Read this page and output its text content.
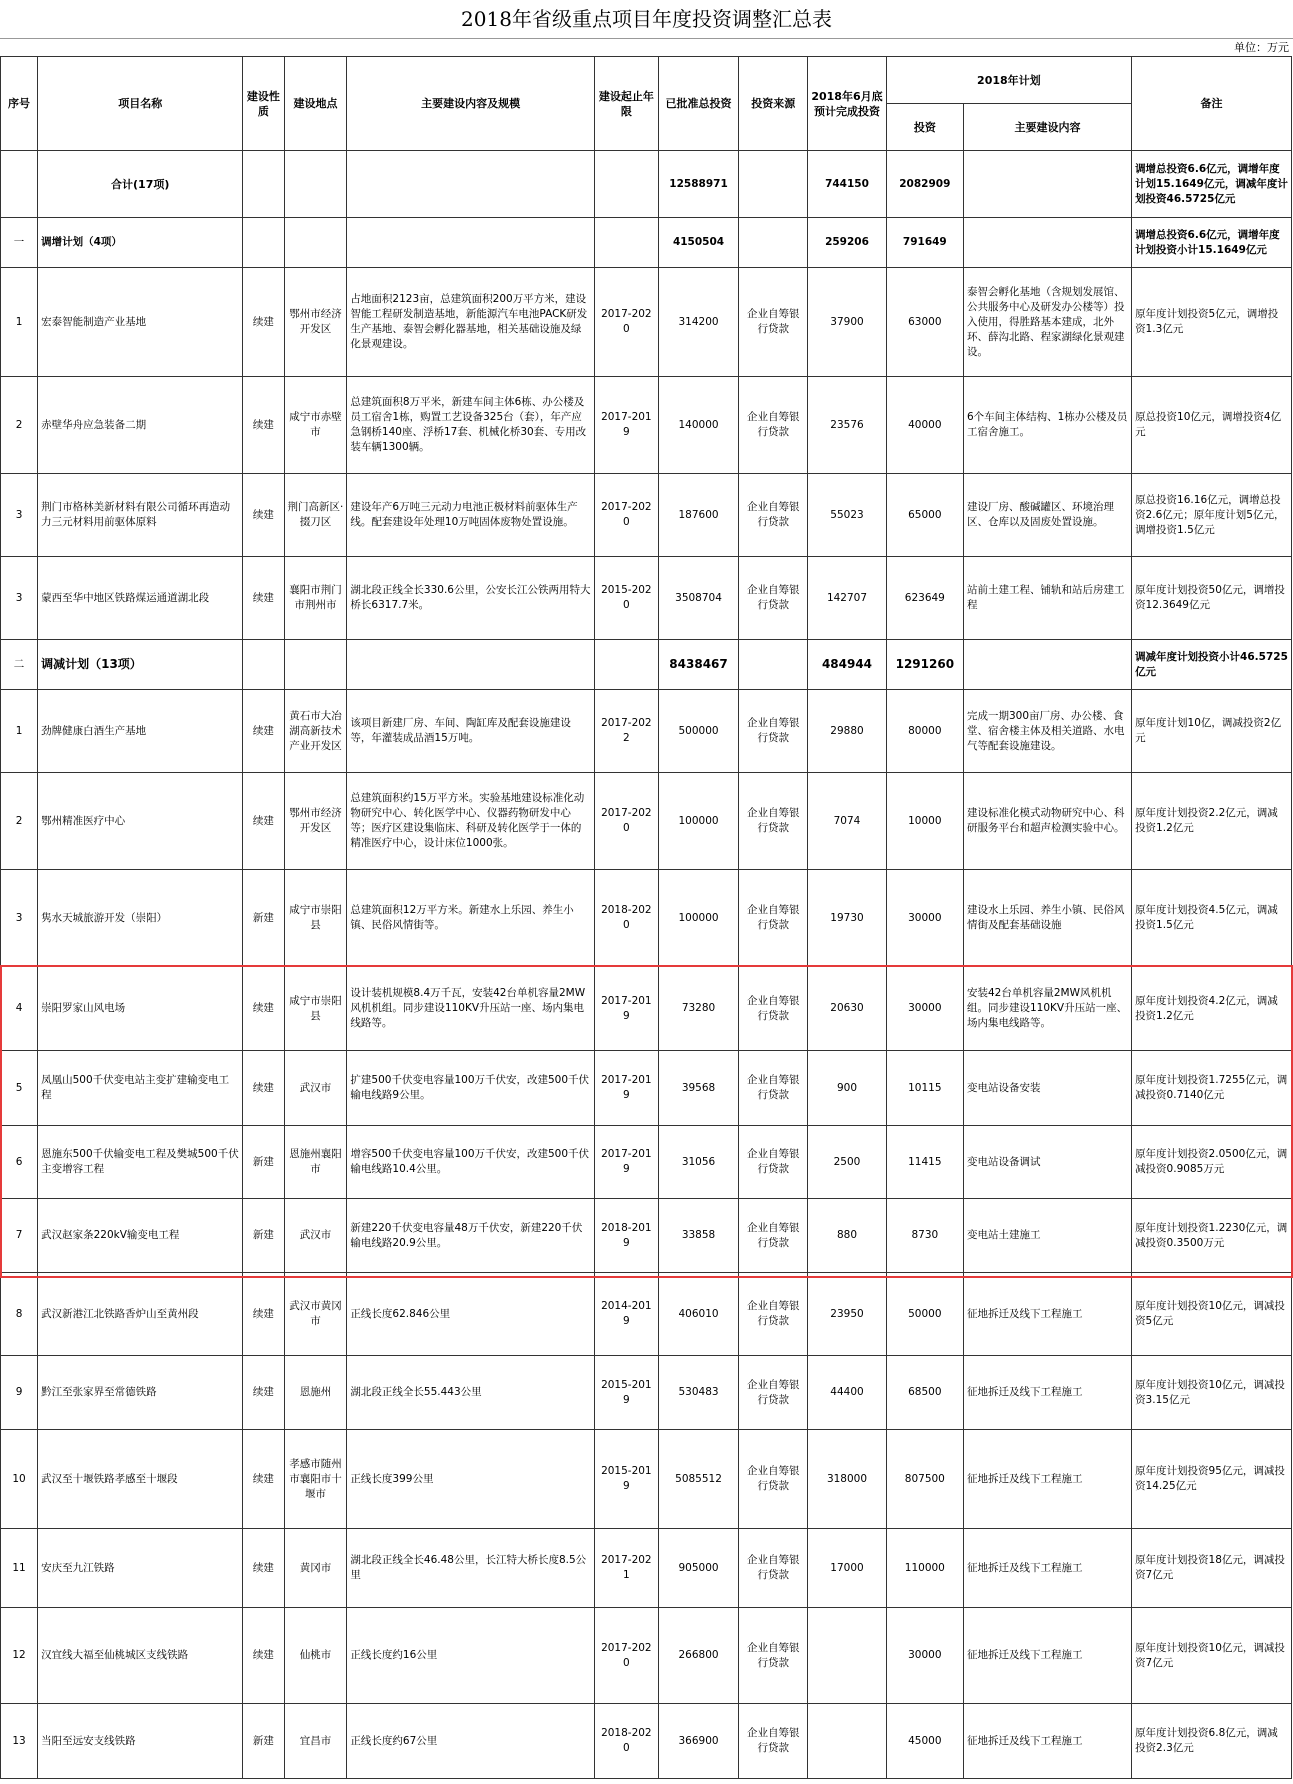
2018年省级重点项目年度投资调整汇总表
单位：万元
序号	项目名称	建设性质	建设地点	主要建设内容及规模	建设起止年限	已批准总投资	投资来源	2018年6月底预计完成投资	2018年计划		备注
									投资	主要建设内容	
	合计(17项)					12588971		744150	2082909		调增总投资6.6亿元，调增年度计划15.1649亿元，调减年度计划投资46.5725亿元
一	调增计划（4项）					4150504		259206	791649		调增总投资6.6亿元，调增年度计划投资小计15.1649亿元
1	宏泰智能制造产业基地	续建	鄂州市经济开发区	占地面积2123亩，总建筑面积200万平方米，建设智能工程研发制造基地，新能源汽车电池PACK研发生产基地、泰智会孵化器基地，相关基础设施及绿化景观建设。	2017-2020	314200	企业自筹银行贷款	37900	63000	泰智会孵化基地（含规划发展馆、公共服务中心及研发办公楼等）投入使用，得胜路基本建成，北外环、薛沟北路、程家湖绿化景观建设。	原年度计划投资5亿元，调增投资1.3亿元
2	赤壁华舟应急装备二期	续建	咸宁市赤壁市	总建筑面积8万平米，新建车间主体6栋、办公楼及员工宿舍1栋，购置工艺设备325台（套），年产应急钢桥140座、浮桥17套、机械化桥30套、专用改装车辆1300辆。	2017-2019	140000	企业自筹银行贷款	23576	40000	6个车间主体结构、1栋办公楼及员工宿舍施工。	原总投资10亿元，调增投资4亿元
3	荆门市格林美新材料有限公司循环再造动力三元材料用前驱体原料	续建	荆门高新区·掇刀区	建设年产6万吨三元动力电池正极材料前驱体生产线。配套建设年处理10万吨固体废物处置设施。	2017-2020	187600	企业自筹银行贷款	55023	65000	建设厂房、酸碱罐区、环境治理区、仓库以及固废处置设施。	原总投资16.16亿元，调增总投资2.6亿元；原年度计划5亿元，调增投资1.5亿元
3	蒙西至华中地区铁路煤运通道湖北段	续建	襄阳市荆门市荆州市	湖北段正线全长330.6公里，公安长江公铁两用特大桥长6317.7米。	2015-2020	3508704	企业自筹银行贷款	142707	623649	站前土建工程、铺轨和站后房建工程	原年度计划投资50亿元，调增投资12.3649亿元
二	调减计划（13项）					8438467		484944	1291260		调减年度计划投资小计46.5725亿元
1	劲牌健康白酒生产基地	续建	黄石市大冶湖高新技术产业开发区	该项目新建厂房、车间、陶缸库及配套设施建设等，年灌装成品酒15万吨。	2017-2022	500000	企业自筹银行贷款	29880	80000	完成一期300亩厂房、办公楼、食堂、宿舍楼主体及相关道路、水电气等配套设施建设。	原年度计划10亿，调减投资2亿元
2	鄂州精准医疗中心	续建	鄂州市经济开发区	总建筑面积约15万平方米。实验基地建设标准化动物研究中心、转化医学中心、仪器药物研发中心等；医疗区建设集临床、科研及转化医学于一体的精准医疗中心，设计床位1000张。	2017-2020	100000	企业自筹银行贷款	7074	10000	建设标准化模式动物研究中心、科研服务平台和超声检测实验中心。	原年度计划投资2.2亿元，调减投资1.2亿元
3	隽水天城旅游开发（崇阳）	新建	咸宁市崇阳县	总建筑面积12万平方米。新建水上乐园、养生小镇、民俗风情街等。	2018-2020	100000	企业自筹银行贷款	19730	30000	建设水上乐园、养生小镇、民俗风情街及配套基础设施	原年度计划投资4.5亿元，调减投资1.5亿元
4	崇阳罗家山风电场	续建	咸宁市崇阳县	设计装机规模8.4万千瓦，安装42台单机容量2MW风机机组。同步建设110KV升压站一座、场内集电线路等。	2017-2019	73280	企业自筹银行贷款	20630	30000	安装42台单机容量2MW风机机组。同步建设110KV升压站一座、场内集电线路等。	原年度计划投资4.2亿元，调减投资1.2亿元
5	凤凰山500千伏变电站主变扩建输变电工程	续建	武汉市	扩建500千伏变电容量100万千伏安，改建500千伏输电线路9公里。	2017-2019	39568	企业自筹银行贷款	900	10115	变电站设备安装	原年度计划投资1.7255亿元，调减投资0.7140亿元
6	恩施东500千伏输变电工程及樊城500千伏主变增容工程	新建	恩施州襄阳市	增容500千伏变电容量100万千伏安，改建500千伏输电线路10.4公里。	2017-2019	31056	企业自筹银行贷款	2500	11415	变电站设备调试	原年度计划投资2.0500亿元，调减投资0.9085万元
7	武汉赵家条220kV输变电工程	新建	武汉市	新建220千伏变电容量48万千伏安，新建220千伏输电线路20.9公里。	2018-2019	33858	企业自筹银行贷款	880	8730	变电站土建施工	原年度计划投资1.2230亿元，调减投资0.3500万元
8	武汉新港江北铁路香炉山至黄州段	续建	武汉市黄冈市	正线长度62.846公里	2014-2019	406010	企业自筹银行贷款	23950	50000	征地拆迁及线下工程施工	原年度计划投资10亿元，调减投资5亿元
9	黔江至张家界至常德铁路	续建	恩施州	湖北段正线全长55.443公里	2015-2019	530483	企业自筹银行贷款	44400	68500	征地拆迁及线下工程施工	原年度计划投资10亿元，调减投资3.15亿元
10	武汉至十堰铁路孝感至十堰段	续建	孝感市随州市襄阳市十堰市	正线长度399公里	2015-2019	5085512	企业自筹银行贷款	318000	807500	征地拆迁及线下工程施工	原年度计划投资95亿元，调减投资14.25亿元
11	安庆至九江铁路	续建	黄冈市	湖北段正线全长46.48公里，长江特大桥长度8.5公里	2017-2021	905000	企业自筹银行贷款	17000	110000	征地拆迁及线下工程施工	原年度计划投资18亿元，调减投资7亿元
12	汉宜线大福至仙桃城区支线铁路	续建	仙桃市	正线长度约16公里	2017-2020	266800	企业自筹银行贷款		30000	征地拆迁及线下工程施工	原年度计划投资10亿元，调减投资7亿元
13	当阳至远安支线铁路	新建	宜昌市	正线长度约67公里	2018-2020	366900	企业自筹银行贷款		45000	征地拆迁及线下工程施工	原年度计划投资6.8亿元，调减投资2.3亿元
